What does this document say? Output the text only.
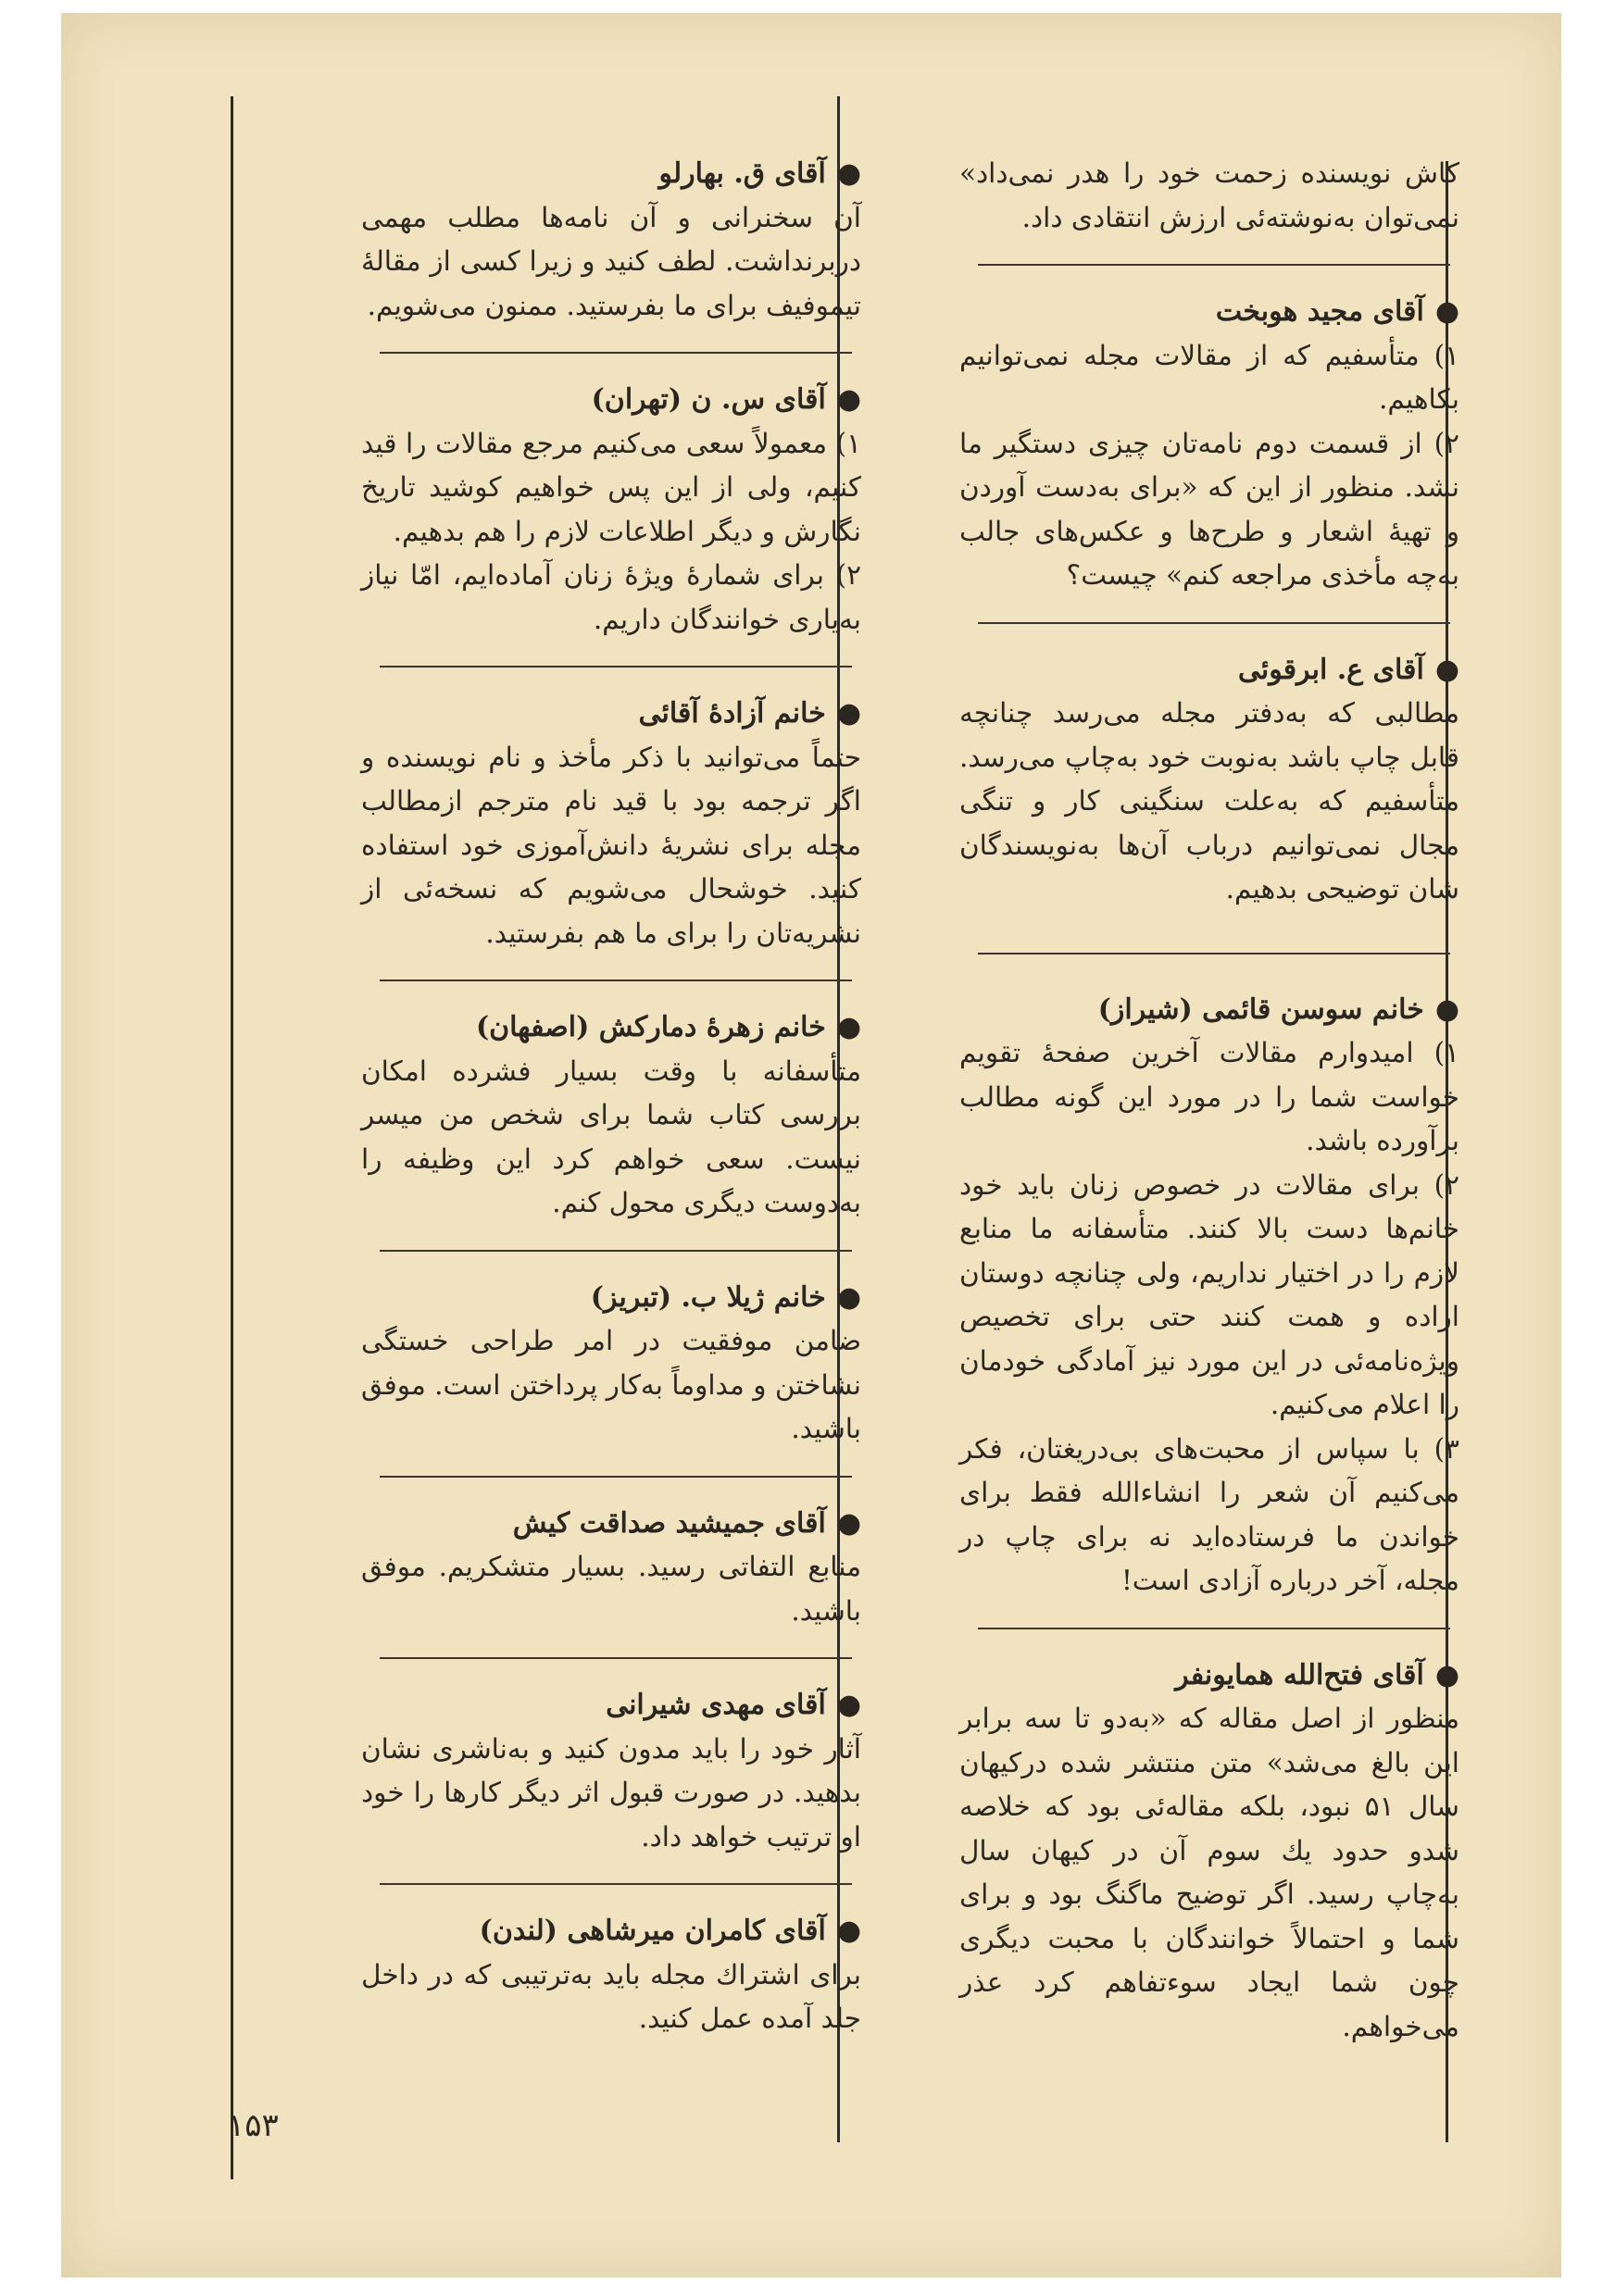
کاش نویسنده زحمت خود را هدر نمی‌داد» نمی‌توان به‌نوشته‌ئی ارزش انتقادی داد.

●آقای مجید هوبخت

۱) متأسفیم که از مقالات مجله نمی‌توانیم بکاهیم.

۲) از قسمت دوم نامه‌تان چیزی دستگیر ما نشد. منظور از این که «برای به‌دست آوردن و تهیهٔ اشعار و طرح‌ها و عکس‌های جالب به‌چه مأخذی مراجعه کنم» چیست؟

●آقای ع. ابرقوئی

مطالبی که به‌دفتر مجله می‌رسد چنانچه قابل چاپ باشد به‌نوبت خود به‌چاپ می‌رسد. متأسفیم که به‌علت سنگینی کار و تنگی مجال نمی‌توانیم درباب آن‌ها به‌نویسندگان شان توضیحی بدهیم.

●خانم سوسن قائمی (شیراز)

۱) امیدوارم مقالات آخرین صفحهٔ تقویم خواست شما را در مورد این گونه مطالب برآورده باشد.

۲) برای مقالات در خصوص زنان باید خود خانم‌ها دست بالا کنند. متأسفانه ما منابع لازم را در اختیار نداریم، ولی چنانچه دوستان اراده و همت کنند حتی برای تخصیص ویژه‌نامه‌ئی در این مورد نیز آمادگی خودمان را اعلام می‌کنیم.

۳) با سپاس از محبت‌های بی‌دریغتان، فکر می‌کنیم آن شعر را انشاءالله فقط برای خواندن ما فرستاده‌اید نه برای چاپ در مجله، آخر درباره آزادی است!

●آقای فتح‌الله همایونفر

منظور از اصل مقاله که «به‌دو تا سه برابر این بالغ می‌شد» متن منتشر شده درکیهان سال ۵۱ نبود، بلکه مقاله‌ئی بود که خلاصه شدو حدود یك سوم آن در کیهان سال به‌چاپ رسید. اگر توضیح ماگنگ بود و برای شما و احتمالاً خوانندگان با محبت دیگری چون شما ایجاد سوءتفاهم کرد عذر می‌خواهم.

●آقای ق. بهارلو

آن سخنرانی و آن نامه‌ها مطلب مهمی دربرنداشت. لطف کنید و زیرا کسی از مقالهٔ تیموفیف برای ما بفرستید. ممنون می‌شویم.

●آقای س. ن (تهران)

۱) معمولاً سعی می‌کنیم مرجع مقالات را قید کنیم، ولی از این پس خواهیم کوشید تاریخ نگارش و دیگر اطلاعات لازم را هم بدهیم.

۲) برای شمارهٔ ویژهٔ زنان آماده‌ایم، امّا نیاز به‌یاری خوانندگان داریم.

●خانم آزادهٔ آقائی

حتماً می‌توانید با ذکر مأخذ و نام نویسنده و اگر ترجمه بود با قید نام مترجم ازمطالب مجله برای نشریهٔ دانش‌آموزی خود استفاده کنید. خوشحال می‌شویم که نسخه‌ئی از نشریه‌تان را برای ما هم بفرستید.

●خانم زهرهٔ دمارکش (اصفهان)

متأسفانه با وقت بسیار فشرده امکان بررسی کتاب شما برای شخص من میسر نیست. سعی خواهم کرد این وظیفه را به‌دوست دیگری محول کنم.

●خانم ژیلا ب. (تبریز)

ضامن موفقیت در امر طراحی خستگی نشاختن و مداوماً به‌کار پرداختن است. موفق باشید.

●آقای جمیشید صداقت کیش

منابع التفاتی رسید. بسیار متشکریم. موفق باشید.

●آقای مهدی شیرانی

آثار خود را باید مدون کنید و به‌ناشری نشان بدهید. در صورت قبول اثر دیگر کارها را خود او ترتیب خواهد داد.

●آقای کامران میرشاهی (لندن)

برای اشتراك مجله باید به‌ترتیبی که در داخل جلد آمده عمل کنید.

۱۵۳
